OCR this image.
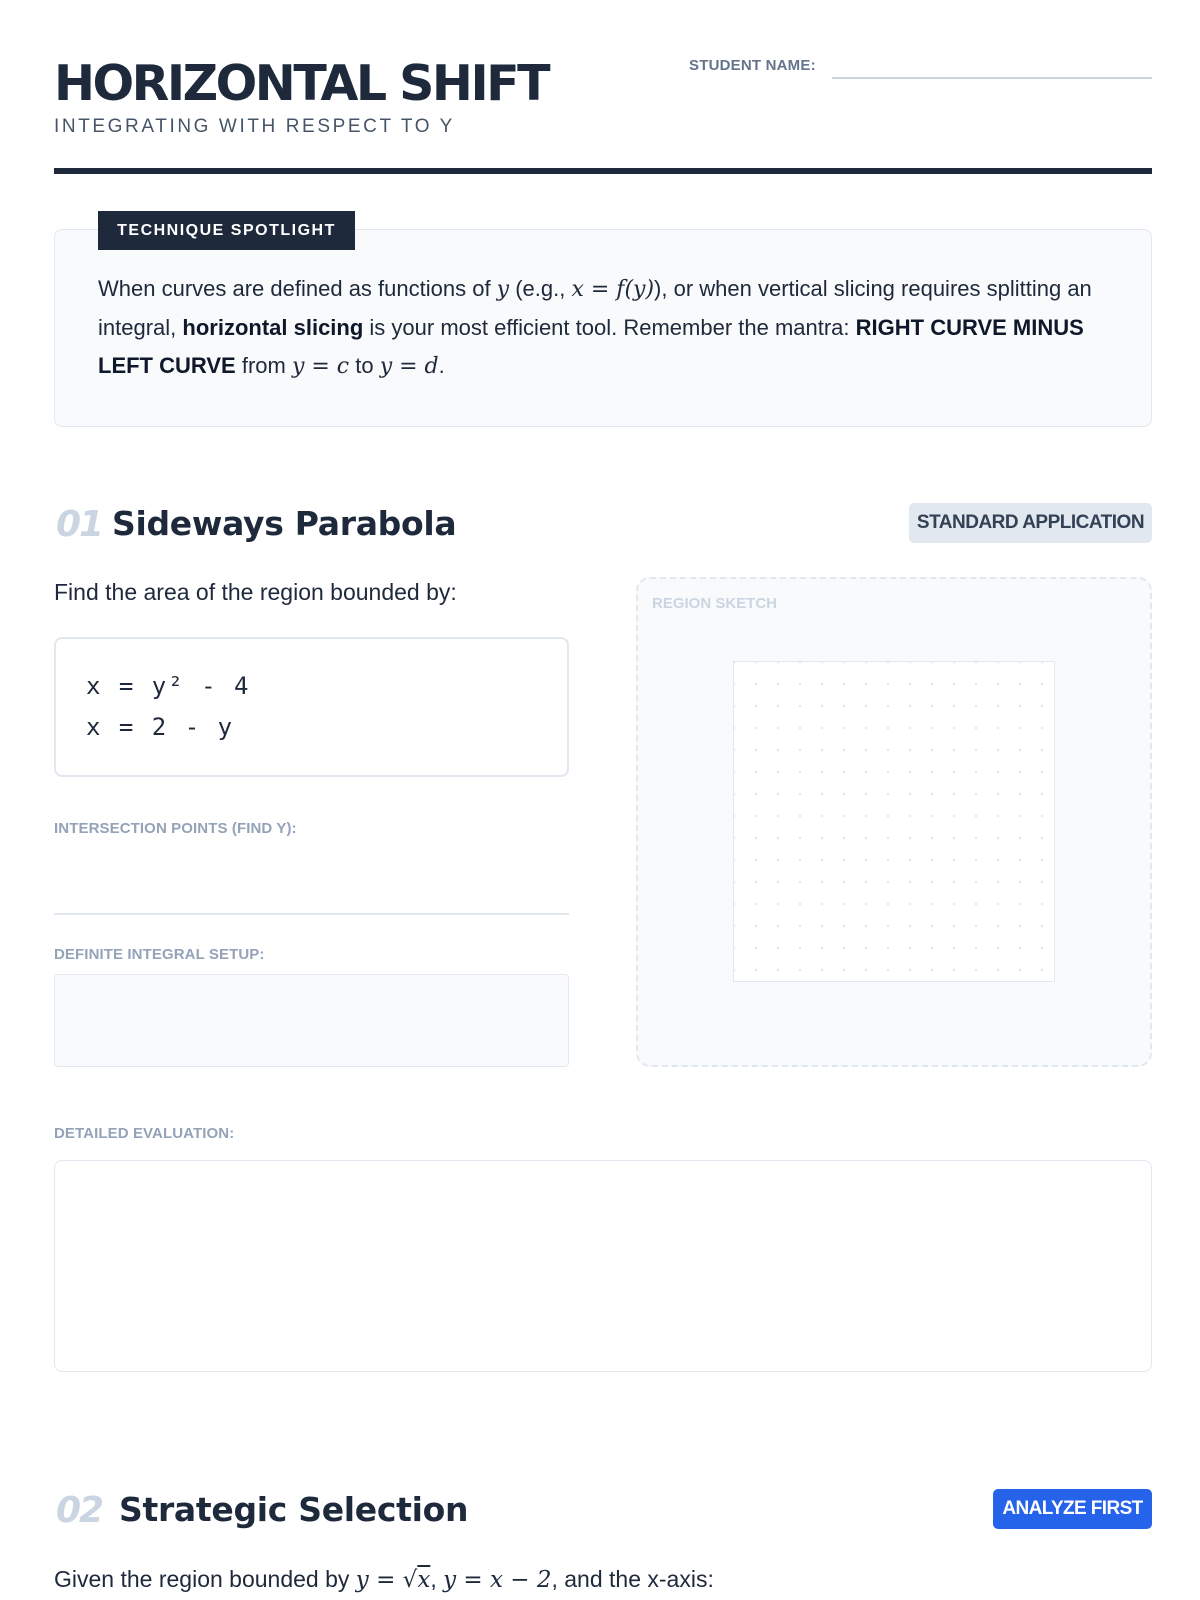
HORIZONTAL SHIFT
INTEGRATING WITH RESPECT TO Y
STUDENT NAME:
TECHNIQUE SPOTLIGHT
When curves are defined as functions of y (e.g., x = f(y)), or when vertical slicing requires splitting an integral, horizontal slicing is your most efficient tool. Remember the mantra: RIGHT CURVE MINUS LEFT CURVE from y = c to y = d.
01 Sideways Parabola	STANDARD APPLICATION
Find the area of the region bounded by:
x = y² - 4
x = 2 - y
INTERSECTION POINTS (FIND Y):
DEFINITE INTEGRAL SETUP:
REGION SKETCH
DETAILED EVALUATION:
02 Strategic Selection	ANALYZE FIRST
Given the region bounded by y = √x, y = x − 2, and the x-axis:
